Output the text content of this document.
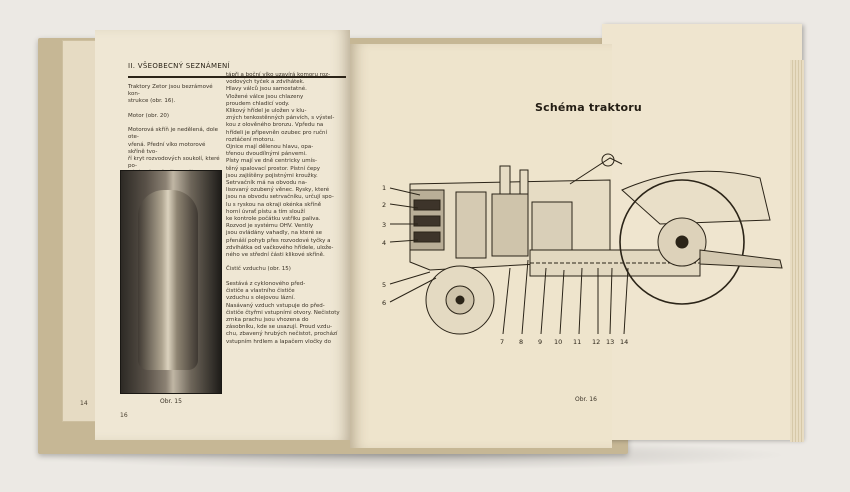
14
II. VŠEOBECNÝ SEZNÁMENÍ
Traktory Zetor jsou bezrámové kon-
strukce (obr. 16).

Motor (obr. 20)

Motorová skříň je nedělená, dole ote-
vřená. Přední víko motorové skříně tvo-
ří kryt rozvodových soukolí, které po-
tápři a boční víko uzavírá komoru roz-
vodových tyček a zdvihátek.
Hlavy válců jsou samostatné.
Vložené válce jsou chlazeny
proudem chladicí vody.
Klikový hřídel je uložen v klu-
zných tenkostěnných pánvích, s výstel-
kou z olověného bronzu. Vpředu na
hřídeli je připevněn ozubec pro ruční
roztáčení motoru.
Ojnice mají dělenou hlavu, opa-
třenou dvoudílnými pánvemi.
Písty mají ve dně centricky umís-
těný spalovací prostor. Pístní čepy
jsou zajištěny pojistnými kroužky.
Setrvačník má na obvodu na-
lisovaný ozubený věnec. Rysky, které
jsou na obvodu setrvačníku, určují spo-
lu s ryskou na okraji okénka skříně
horní úvrať pístu a tím slouží
ke kontrole počátku vstřiku paliva.
Rozvod je systému OHV. Ventily
jsou ovládány vahadly, na které se
přenáší pohyb přes rozvodové tyčky a
zdvihátka od vačkového hřídele, ulože-
ného ve střední části klikové skříně.

Čistič vzduchu (obr. 15)

Sestává z cyklonového před-
čističe a vlastního čističe
vzduchu s olejovou lázní.
Nasávaný vzduch vstupuje do před-
čističe čtyřmi vstupními otvory. Nečistoty
zrnka prachu jsou vhozena do
zásobníku, kde se usazují. Proud vzdu-
chu, zbavený hrubých nečistot, prochází
vstupním hrdlem a lapačem vločky do
Obr. 15
16
Schéma traktoru
1
2
3
4
5
6
7 8 9 10 11 12 13 14
Obr. 16
